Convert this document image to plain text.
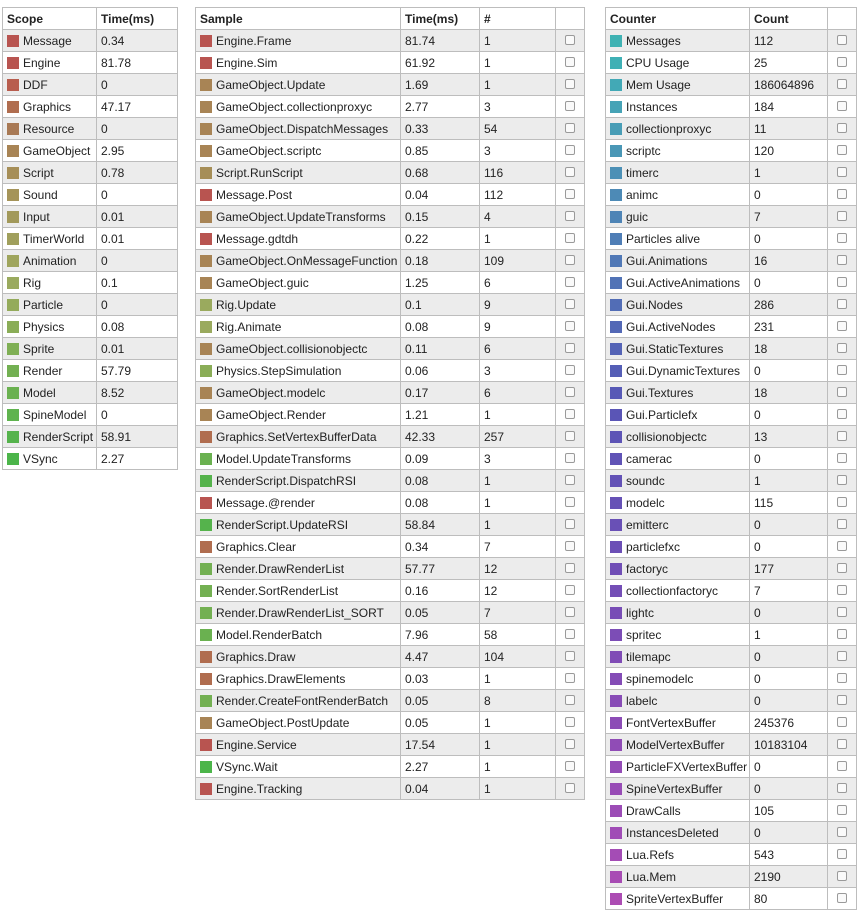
Scope	Time(ms)
Message	0.34
Engine	81.78
DDF	0
Graphics	47.17
Resource	0
GameObject	2.95
Script	0.78
Sound	0
Input	0.01
TimerWorld	0.01
Animation	0
Rig	0.1
Particle	0
Physics	0.08
Sprite	0.01
Render	57.79
Model	8.52
SpineModel	0
RenderScript	58.91
VSync	2.27
Sample	Time(ms)	#	
Engine.Frame	81.74	1	
Engine.Sim	61.92	1	
GameObject.Update	1.69	1	
GameObject.collectionproxyc	2.77	3	
GameObject.DispatchMessages	0.33	54	
GameObject.scriptc	0.85	3	
Script.RunScript	0.68	116	
Message.Post	0.04	112	
GameObject.UpdateTransforms	0.15	4	
Message.gdtdh	0.22	1	
GameObject.OnMessageFunction	0.18	109	
GameObject.guic	1.25	6	
Rig.Update	0.1	9	
Rig.Animate	0.08	9	
GameObject.collisionobjectc	0.11	6	
Physics.StepSimulation	0.06	3	
GameObject.modelc	0.17	6	
GameObject.Render	1.21	1	
Graphics.SetVertexBufferData	42.33	257	
Model.UpdateTransforms	0.09	3	
RenderScript.DispatchRSI	0.08	1	
Message.@render	0.08	1	
RenderScript.UpdateRSI	58.84	1	
Graphics.Clear	0.34	7	
Render.DrawRenderList	57.77	12	
Render.SortRenderList	0.16	12	
Render.DrawRenderList_SORT	0.05	7	
Model.RenderBatch	7.96	58	
Graphics.Draw	4.47	104	
Graphics.DrawElements	0.03	1	
Render.CreateFontRenderBatch	0.05	8	
GameObject.PostUpdate	0.05	1	
Engine.Service	17.54	1	
VSync.Wait	2.27	1	
Engine.Tracking	0.04	1	
Counter	Count	
Messages	112	
CPU Usage	25	
Mem Usage	186064896	
Instances	184	
collectionproxyc	11	
scriptc	120	
timerc	1	
animc	0	
guic	7	
Particles alive	0	
Gui.Animations	16	
Gui.ActiveAnimations	0	
Gui.Nodes	286	
Gui.ActiveNodes	231	
Gui.StaticTextures	18	
Gui.DynamicTextures	0	
Gui.Textures	18	
Gui.Particlefx	0	
collisionobjectc	13	
camerac	0	
soundc	1	
modelc	115	
emitterc	0	
particlefxc	0	
factoryc	177	
collectionfactoryc	7	
lightc	0	
spritec	1	
tilemapc	0	
spinemodelc	0	
labelc	0	
FontVertexBuffer	245376	
ModelVertexBuffer	10183104	
ParticleFXVertexBuffer	0	
SpineVertexBuffer	0	
DrawCalls	105	
InstancesDeleted	0	
Lua.Refs	543	
Lua.Mem	2190	
SpriteVertexBuffer	80	
